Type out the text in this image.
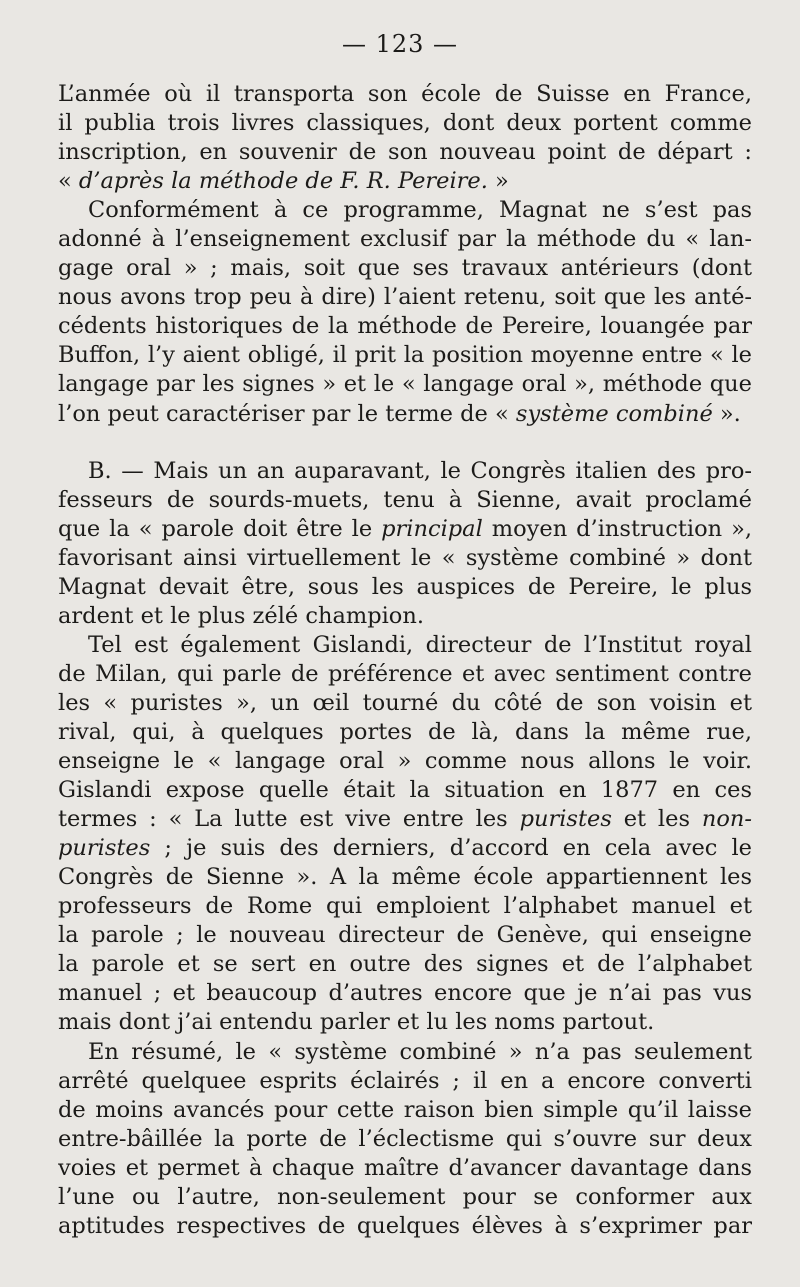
— 123 —
L’anmée où il transporta son école de Suisse en France,
il publia trois livres classiques, dont deux portent comme
inscription, en souvenir de son nouveau point de départ :
« d’après la méthode de F. R. Pereire. »
Conformément à ce programme, Magnat ne s’est pas
adonné à l’enseignement exclusif par la méthode du « lan-
gage oral » ; mais, soit que ses travaux antérieurs (dont
nous avons trop peu à dire) l’aient retenu, soit que les anté-
cédents historiques de la méthode de Pereire, louangée par
Buffon, l’y aient obligé, il prit la position moyenne entre « le
langage par les signes » et le « langage oral », méthode que
l’on peut caractériser par le terme de « système combiné ».
B. — Mais un an auparavant, le Congrès italien des pro-
fesseurs de sourds-muets, tenu à Sienne, avait proclamé
que la « parole doit être le principal moyen d’instruction »,
favorisant ainsi virtuellement le « système combiné » dont
Magnat devait être, sous les auspices de Pereire, le plus
ardent et le plus zélé champion.
Tel est également Gislandi, directeur de l’Institut royal
de Milan, qui parle de préférence et avec sentiment contre
les « puristes », un œil tourné du côté de son voisin et
rival, qui, à quelques portes de là, dans la même rue,
enseigne le « langage oral » comme nous allons le voir.
Gislandi expose quelle était la situation en 1877 en ces
termes : « La lutte est vive entre les puristes et les non-
puristes ; je suis des derniers, d’accord en cela avec le
Congrès de Sienne ». A la même école appartiennent les
professeurs de Rome qui emploient l’alphabet manuel et
la parole ; le nouveau directeur de Genève, qui enseigne
la parole et se sert en outre des signes et de l’alphabet
manuel ; et beaucoup d’autres encore que je n’ai pas vus
mais dont j’ai entendu parler et lu les noms partout.
En résumé, le « système combiné » n’a pas seulement
arrêté quelquee esprits éclairés ; il en a encore converti
de moins avancés pour cette raison bien simple qu’il laisse
entre-bâillée la porte de l’éclectisme qui s’ouvre sur deux
voies et permet à chaque maître d’avancer davantage dans
l’une ou l’autre, non-seulement pour se conformer aux
aptitudes respectives de quelques élèves à s’exprimer par
